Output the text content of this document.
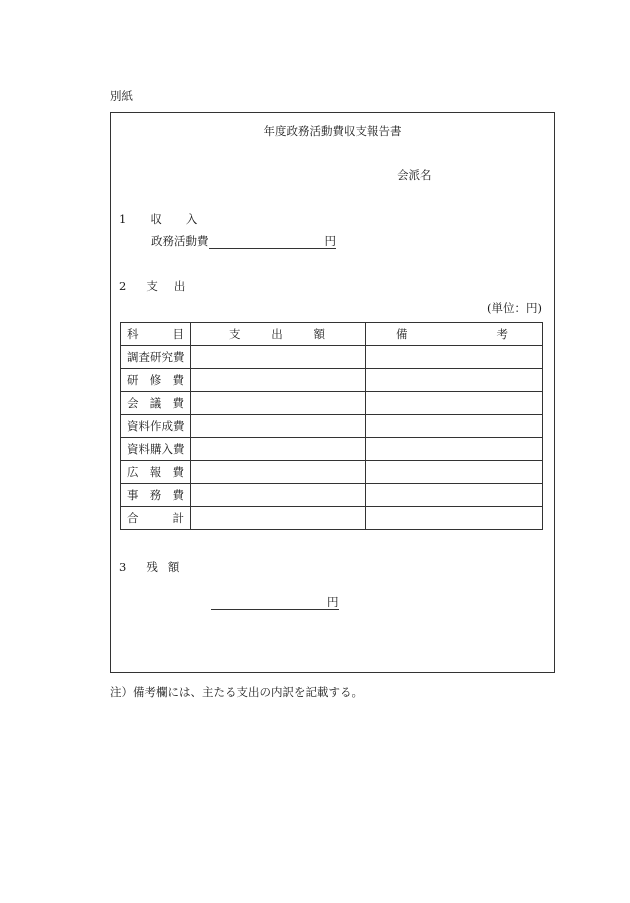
別紙
年度政務活動費収支報告書
会派名
1 収 入
政務活動費	円
2 支 出
(単位：円)
科 目	支 出 額	備 考

調 査 研 究 費		

研 修 費		

会 議 費		

資 料 作 成 費		

資 料 購 入 費		

広 報 費		

事 務 費		

合 計		

3 残 額
円
注）備考欄には、主たる支出の内訳を記載する。
